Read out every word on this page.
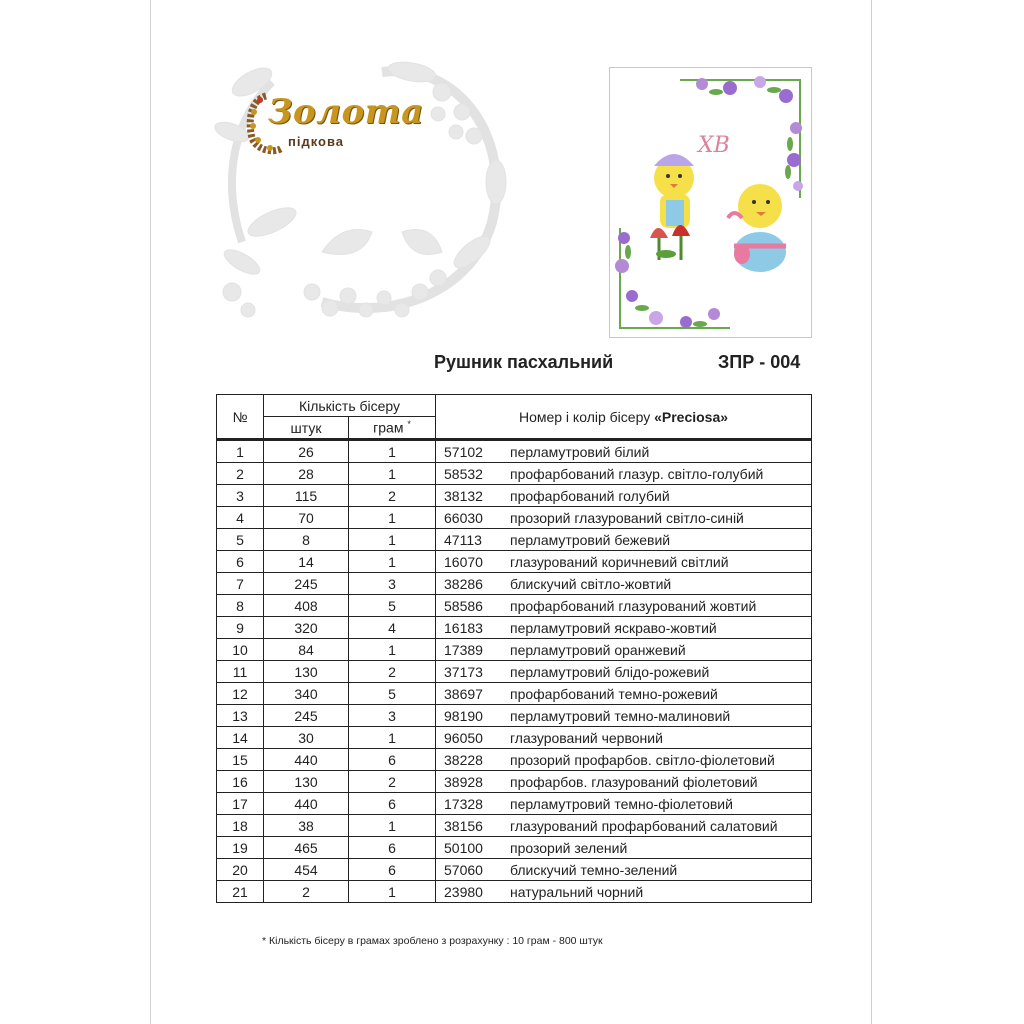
Золота
підкова	ХВ
Рушник пасхальний	ЗПР - 004
№	Кількість бісеру		Номер і колір бісеру «Preciosa»
	штук	грам *
1	26	1	57102 перламутровий білий
2	28	1	58532 профарбований глазур. світло-голубий
3	115	2	38132 профарбований голубий
4	70	1	66030 прозорий глазурований світло-синій
5	8	1	47113 перламутровий бежевий
6	14	1	16070 глазурований коричневий світлий
7	245	3	38286 блискучий світло-жовтий
8	408	5	58586 профарбований глазурований жовтий
9	320	4	16183 перламутровий яскраво-жовтий
10	84	1	17389 перламутровий оранжевий
11	130	2	37173 перламутровий блідо-рожевий
12	340	5	38697 профарбований темно-рожевий
13	245	3	98190 перламутровий темно-малиновий
14	30	1	96050 глазурований червоний
15	440	6	38228 прозорий профарбов. світло-фіолетовий
16	130	2	38928 профарбов. глазурований фіолетовий
17	440	6	17328 перламутровий темно-фіолетовий
18	38	1	38156 глазурований профарбований салатовий
19	465	6	50100 прозорий зелений
20	454	6	57060 блискучий темно-зелений
21	2	1	23980 натуральний чорний
* Кількість бісеру в грамах зроблено з розрахунку : 10 грам - 800 штук
